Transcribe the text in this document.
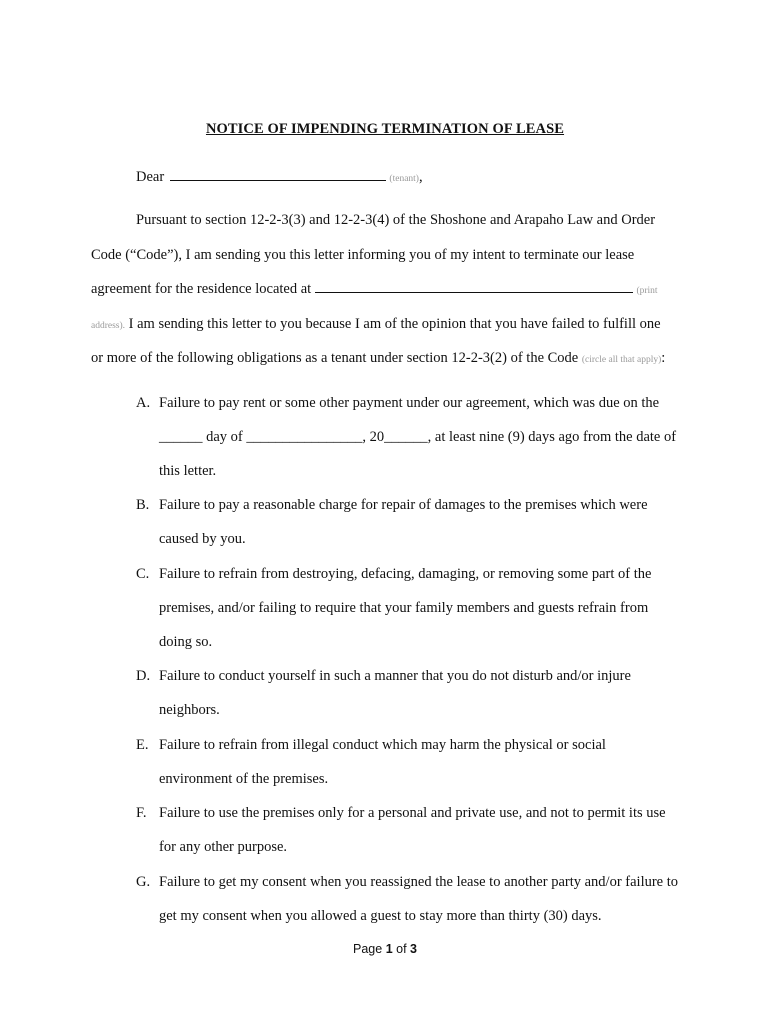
NOTICE OF IMPENDING TERMINATION OF LEASE
Dear	(tenant),
Pursuant to section 12-2-3(3) and 12-2-3(4) of the Shoshone and Arapaho Law and Order
Code (“Code”), I am sending you this letter informing you of my intent to terminate our lease
agreement for the residence located at	(print
address). I am sending this letter to you because I am of the opinion that you have failed to fulfill one
or more of the following obligations as a tenant under section 12-2-3(2) of the Code (circle all that apply):
A. Failure to pay rent or some other payment under our agreement, which was due on the
______ day of ________________, 20______, at least nine (9) days ago from the date of
this letter.
B. Failure to pay a reasonable charge for repair of damages to the premises which were
caused by you.
C. Failure to refrain from destroying, defacing, damaging, or removing some part of the
premises, and/or failing to require that your family members and guests refrain from
doing so.
D. Failure to conduct yourself in such a manner that you do not disturb and/or injure
neighbors.
E. Failure to refrain from illegal conduct which may harm the physical or social
environment of the premises.
F. Failure to use the premises only for a personal and private use, and not to permit its use
for any other purpose.
G. Failure to get my consent when you reassigned the lease to another party and/or failure to
get my consent when you allowed a guest to stay more than thirty (30) days.
Page 1 of 3
